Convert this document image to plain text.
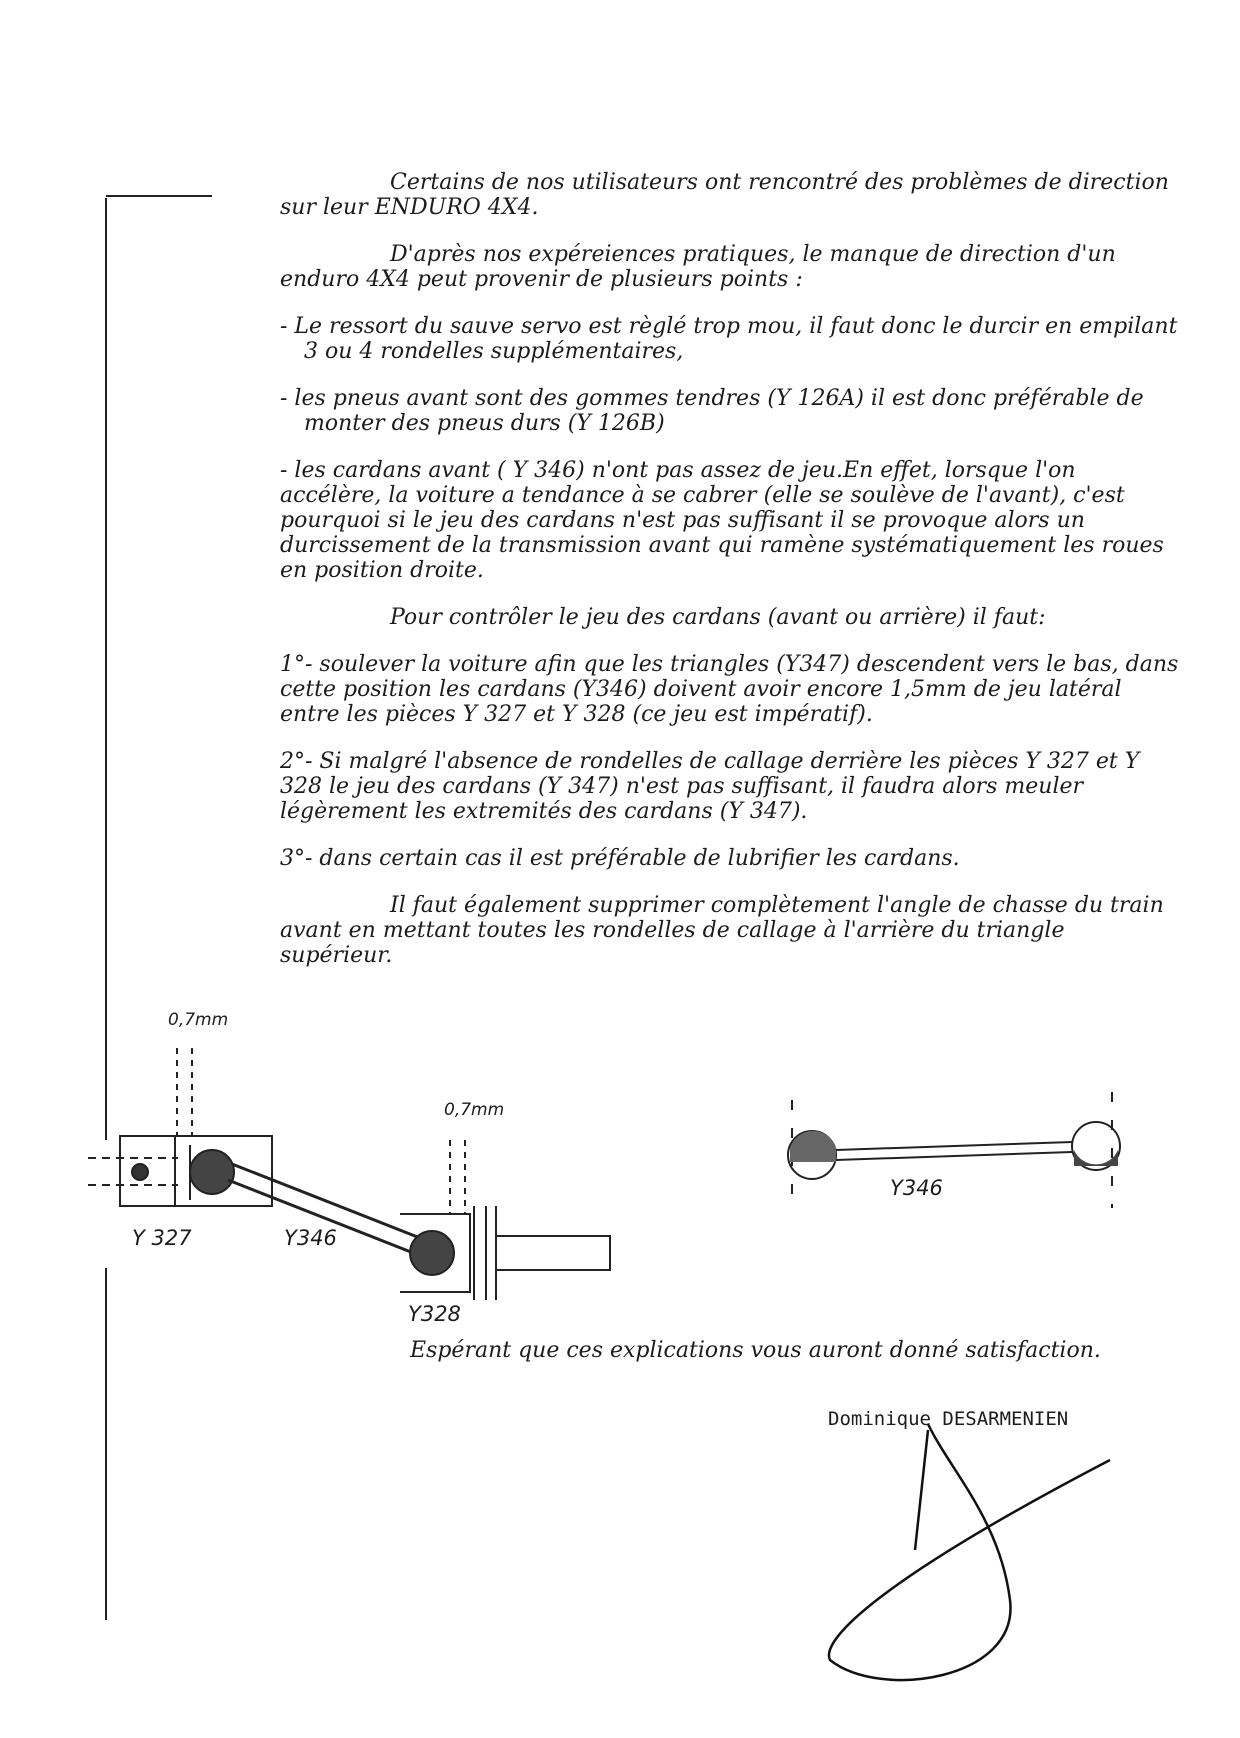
Certains de nos utilisateurs ont rencontré des problèmes de direction sur leur ENDURO 4X4.

D'après nos expéreiences pratiques, le manque de direction d'un enduro 4X4 peut provenir de plusieurs points :

- Le ressort du sauve servo est règlé trop mou, il faut donc le durcir en empilant 3 ou 4 rondelles supplémentaires,

- les pneus avant sont des gommes tendres (Y 126A) il est donc préférable de monter des pneus durs (Y 126B)

- les cardans avant ( Y 346) n'ont pas assez de jeu.En effet, lorsque l'on accélère, la voiture a tendance à se cabrer (elle se soulève de l'avant), c'est pourquoi si le jeu des cardans n'est pas suffisant il se provoque alors un durcissement de la transmission avant qui ramène systématiquement les roues en position droite.

Pour contrôler le jeu des cardans (avant ou arrière) il faut:

1°- soulever la voiture afin que les triangles (Y347) descendent vers le bas, dans cette position les cardans (Y346) doivent avoir encore 1,5mm de jeu latéral entre les pièces Y 327 et Y 328 (ce jeu est impératif).

2°- Si malgré l'absence de rondelles de callage derrière les pièces Y 327 et Y 328 le jeu des cardans (Y 347) n'est pas suffisant, il faudra alors meuler légèrement les extremités des cardans (Y 347).

3°- dans certain cas il est préférable de lubrifier les cardans.

Il faut également supprimer complètement l'angle de chasse du train avant en mettant toutes les rondelles de callage à l'arrière du triangle supérieur.

0,7mm
0,7mm
Y 327	Y346
Y328
Y346

Espérant que ces explications vous auront donné satisfaction.

Dominique DESARMENIEN
